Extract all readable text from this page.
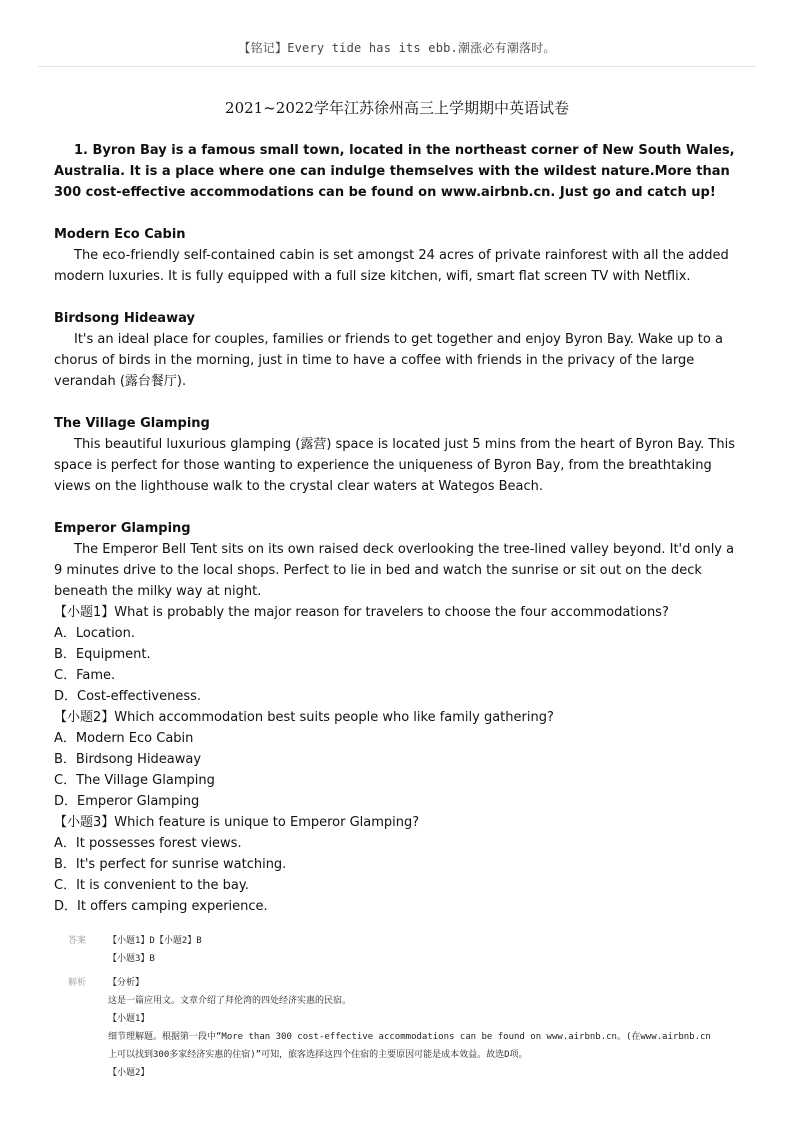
【铭记】Every tide has its ebb.潮涨必有潮落时。
2021~2022学年江苏徐州高三上学期期中英语试卷

1. Byron Bay is a famous small town, located in the northeast corner of New South Wales, Australia. It is a place where one can indulge themselves with the wildest nature.More than 300 cost-effective accommodations can be found on www.airbnb.cn. Just go and catch up!

Modern Eco Cabin

The eco-friendly self-contained cabin is set amongst 24 acres of private rainforest with all the added modern luxuries. It is fully equipped with a full size kitchen, wifi, smart flat screen TV with Netflix.

Birdsong Hideaway

It's an ideal place for couples, families or friends to get together and enjoy Byron Bay. Wake up to a chorus of birds in the morning, just in time to have a coffee with friends in the privacy of the large verandah (露台餐厅).

The Village Glamping

This beautiful luxurious glamping (露营) space is located just 5 mins from the heart of Byron Bay. This space is perfect for those wanting to experience the uniqueness of Byron Bay, from the breathtaking views on the lighthouse walk to the crystal clear waters at Wategos Beach.

Emperor Glamping

The Emperor Bell Tent sits on its own raised deck overlooking the tree-lined valley beyond. It'd only a 9 minutes drive to the local shops. Perfect to lie in bed and watch the sunrise or sit out on the deck beneath the milky way at night.

【小题1】What is probably the major reason for travelers to choose the four accommodations?

A．Location.

B．Equipment.

C．Fame.

D．Cost-effectiveness.

【小题2】Which accommodation best suits people who like family gathering?

A．Modern Eco Cabin

B．Birdsong Hideaway

C．The Village Glamping

D．Emperor Glamping

【小题3】Which feature is unique to Emperor Glamping?

A．It possesses forest views.

B．It's perfect for sunrise watching.

C．It is convenient to the bay.

D．It offers camping experience.

答案	【小题1】D【小题2】B
【小题3】B
解析	【分析】
这是一篇应用文。文章介绍了拜伦湾的四处经济实惠的民宿。
【小题1】
细节理解题。根据第一段中“More than 300 cost-effective accommodations can be found on www.airbnb.cn。(在www.airbnb.cn
上可以找到300多家经济实惠的住宿)”可知，旅客选择这四个住宿的主要原因可能是成本效益。故选D项。
【小题2】
